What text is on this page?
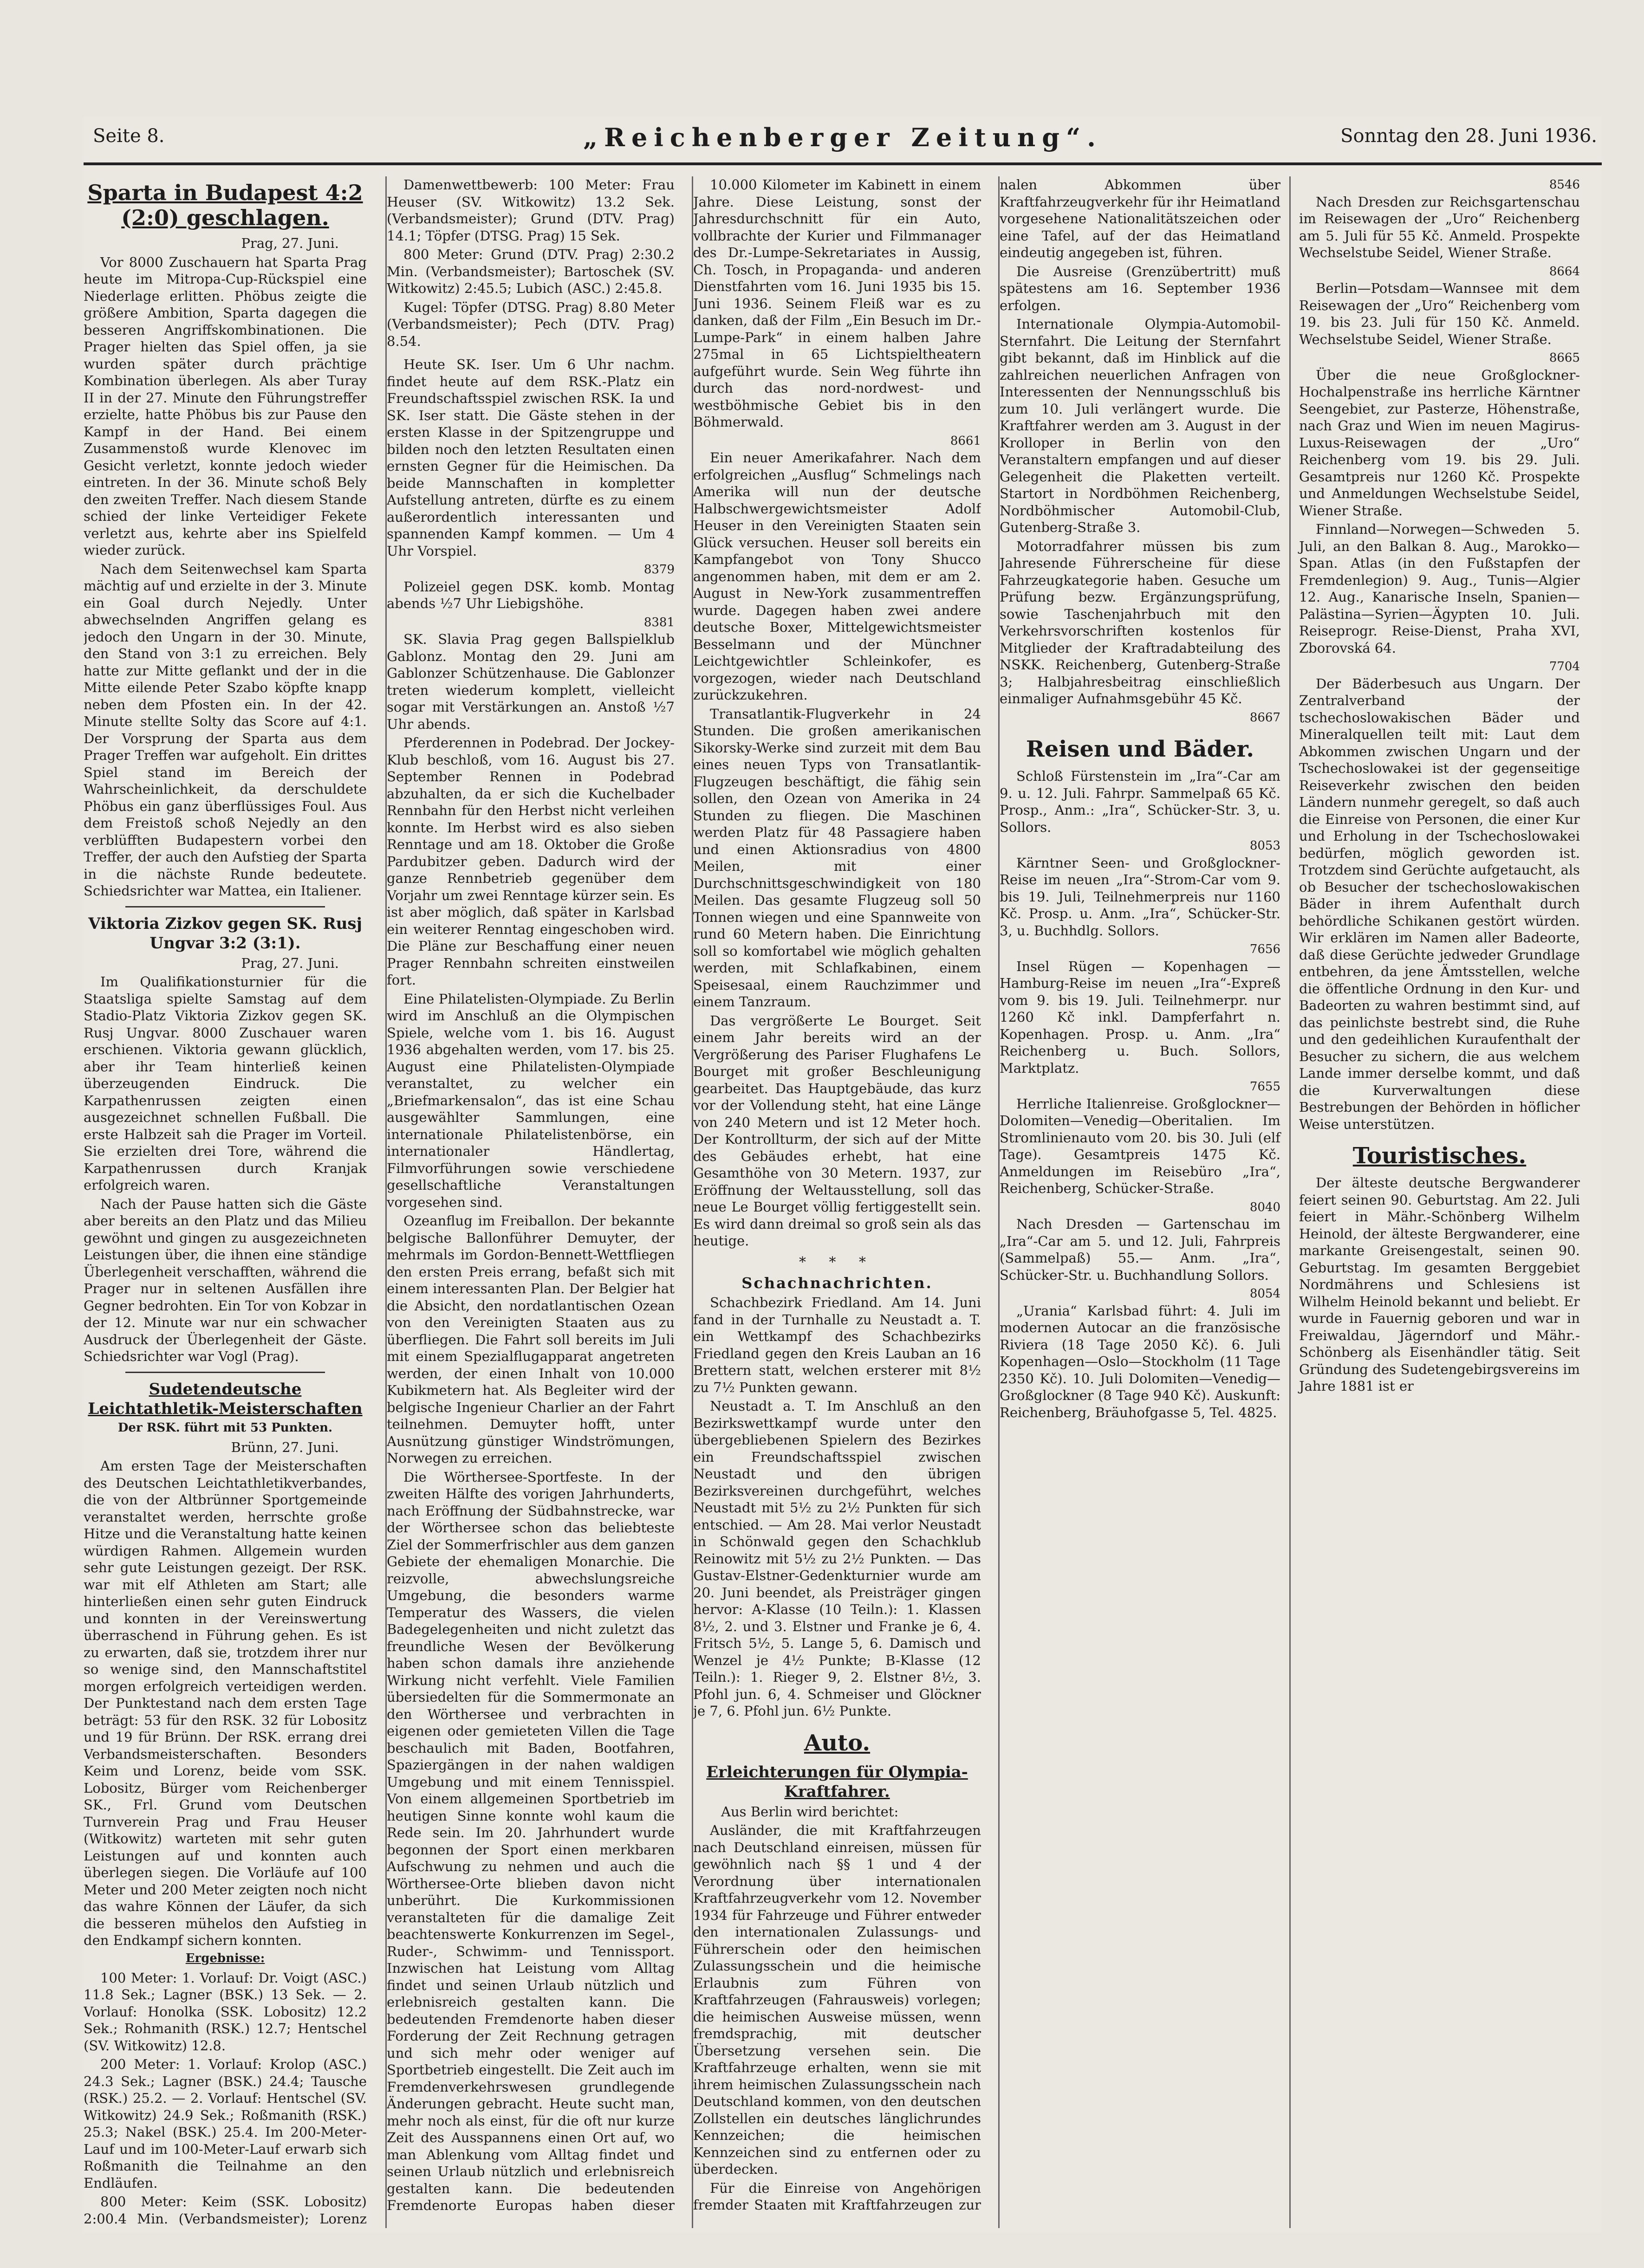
Seite 8.	„Reichenberger Zeitung“.	Sonntag den 28. Juni 1936.
Sparta in Budapest 4:2 (2:0) geschlagen.
Prag, 27. Juni.

Vor 8000 Zuschauern hat Sparta Prag heute im Mitropa-Cup-Rückspiel eine Niederlage erlitten. Phöbus zeigte die größere Ambition, Sparta dagegen die besseren Angriffskombinationen. Die Prager hielten das Spiel offen, ja sie wurden später durch prächtige Kombination überlegen. Als aber Turay II in der 27. Minute den Führungstreffer erzielte, hatte Phöbus bis zur Pause den Kampf in der Hand. Bei einem Zusammenstoß wurde Klenovec im Gesicht verletzt, konnte jedoch wieder eintreten. In der 36. Minute schoß Bely den zweiten Treffer. Nach diesem Stande schied der linke Verteidiger Fekete verletzt aus, kehrte aber ins Spielfeld wieder zurück.

Nach dem Seitenwechsel kam Sparta mächtig auf und erzielte in der 3. Minute ein Goal durch Nejedly. Unter abwechselnden Angriffen gelang es jedoch den Ungarn in der 30. Minute, den Stand von 3:1 zu erreichen. Bely hatte zur Mitte geflankt und der in die Mitte eilende Peter Szabo köpfte knapp neben dem Pfosten ein. In der 42. Minute stellte Solty das Score auf 4:1. Der Vorsprung der Sparta aus dem Prager Treffen war aufgeholt. Ein drittes Spiel stand im Bereich der Wahrscheinlichkeit, da derschuldete Phöbus ein ganz überflüssiges Foul. Aus dem Freistoß schoß Nejedly an den verblüfften Budapestern vorbei den Treffer, der auch den Aufstieg der Sparta in die nächste Runde bedeutete. Schiedsrichter war Mattea, ein Italiener.

Viktoria Zizkov gegen SK. Rusj Ungvar 3:2 (3:1).
Prag, 27. Juni.

Im Qualifikationsturnier für die Staatsliga spielte Samstag auf dem Stadio-Platz Viktoria Zizkov gegen SK. Rusj Ungvar. 8000 Zuschauer waren erschienen. Viktoria gewann glücklich, aber ihr Team hinterließ keinen überzeugenden Eindruck. Die Karpathenrussen zeigten einen ausgezeichnet schnellen Fußball. Die erste Halbzeit sah die Prager im Vorteil. Sie erzielten drei Tore, während die Karpathenrussen durch Kranjak erfolgreich waren.

Nach der Pause hatten sich die Gäste aber bereits an den Platz und das Milieu gewöhnt und gingen zu ausgezeichneten Leistungen über, die ihnen eine ständige Überlegenheit verschafften, während die Prager nur in seltenen Ausfällen ihre Gegner bedrohten. Ein Tor von Kobzar in der 12. Minute war nur ein schwacher Ausdruck der Überlegenheit der Gäste. Schiedsrichter war Vogl (Prag).

Sudetendeutsche Leichtathletik-Meisterschaften
Der RSK. führt mit 53 Punkten.
Brünn, 27. Juni.

Am ersten Tage der Meisterschaften des Deutschen Leichtathletikverbandes, die von der Altbrünner Sportgemeinde veranstaltet werden, herrschte große Hitze und die Veranstaltung hatte keinen würdigen Rahmen. Allgemein wurden sehr gute Leistungen gezeigt. Der RSK. war mit elf Athleten am Start; alle hinterließen einen sehr guten Eindruck und konnten in der Vereinswertung überraschend in Führung gehen. Es ist zu erwarten, daß sie, trotzdem ihrer nur so wenige sind, den Mannschaftstitel morgen erfolgreich verteidigen werden. Der Punktestand nach dem ersten Tage beträgt: 53 für den RSK. 32 für Lobositz und 19 für Brünn. Der RSK. errang drei Verbandsmeisterschaften. Besonders Keim und Lorenz, beide vom SSK. Lobositz, Bürger vom Reichenberger SK., Frl. Grund vom Deutschen Turnverein Prag und Frau Heuser (Witkowitz) warteten mit sehr guten Leistungen auf und konnten auch überlegen siegen. Die Vorläufe auf 100 Meter und 200 Meter zeigten noch nicht das wahre Können der Läufer, da sich die besseren mühelos den Aufstieg in den Endkampf sichern konnten.

Ergebnisse:

100 Meter: 1. Vorlauf: Dr. Voigt (ASC.) 11.8 Sek.; Lagner (BSK.) 13 Sek. — 2. Vorlauf: Honolka (SSK. Lobositz) 12.2 Sek.; Rohmanith (RSK.) 12.7; Hentschel (SV. Witkowitz) 12.8.

200 Meter: 1. Vorlauf: Krolop (ASC.) 24.3 Sek.; Lagner (BSK.) 24.4; Tausche (RSK.) 25.2. — 2. Vorlauf: Hentschel (SV. Witkowitz) 24.9 Sek.; Roßmanith (RSK.) 25.3; Nakel (BSK.) 25.4. Im 200-Meter-Lauf und im 100-Meter-Lauf erwarb sich Roßmanith die Teilnahme an den Endläufen.

800 Meter: Keim (SSK. Lobositz) 2:00.4 Min. (Verbandsmeister); Lorenz

Damenwettbewerb: 100 Meter: Frau Heuser (SV. Witkowitz) 13.2 Sek. (Verbandsmeister); Grund (DTV. Prag) 14.1; Töpfer (DTSG. Prag) 15 Sek.

800 Meter: Grund (DTV. Prag) 2:30.2 Min. (Verbandsmeister); Bartoschek (SV. Witkowitz) 2:45.5; Lubich (ASC.) 2:45.8.

Kugel: Töpfer (DTSG. Prag) 8.80 Meter (Verbandsmeister); Pech (DTV. Prag) 8.54.

Heute SK. Iser. Um 6 Uhr nachm. findet heute auf dem RSK.-Platz ein Freundschaftsspiel zwischen RSK. Ia und SK. Iser statt. Die Gäste stehen in der ersten Klasse in der Spitzengruppe und bilden noch den letzten Resultaten einen ernsten Gegner für die Heimischen. Da beide Mannschaften in kompletter Aufstellung antreten, dürfte es zu einem außerordentlich interessanten und spannenden Kampf kommen. — Um 4 Uhr Vorspiel.

8379

Polizeiel gegen DSK. komb. Montag abends ½7 Uhr Liebigshöhe.

8381

SK. Slavia Prag gegen Ballspielklub Gablonz. Montag den 29. Juni am Gablonzer Schützenhause. Die Gablonzer treten wiederum komplett, vielleicht sogar mit Verstärkungen an. Anstoß ½7 Uhr abends.

Pferderennen in Podebrad. Der Jockey-Klub beschloß, vom 16. August bis 27. September Rennen in Podebrad abzuhalten, da er sich die Kuchelbader Rennbahn für den Herbst nicht verleihen konnte. Im Herbst wird es also sieben Renntage und am 18. Oktober die Große Pardubitzer geben. Dadurch wird der ganze Rennbetrieb gegenüber dem Vorjahr um zwei Renntage kürzer sein. Es ist aber möglich, daß später in Karlsbad ein weiterer Renntag eingeschoben wird. Die Pläne zur Beschaffung einer neuen Prager Rennbahn schreiten einstweilen fort.

Eine Philatelisten-Olympiade. Zu Berlin wird im Anschluß an die Olympischen Spiele, welche vom 1. bis 16. August 1936 abgehalten werden, vom 17. bis 25. August eine Philatelisten-Olympiade veranstaltet, zu welcher ein „Briefmarkensalon“, das ist eine Schau ausgewählter Sammlungen, eine internationale Philatelistenbörse, ein internationaler Händlertag, Filmvorführungen sowie verschiedene gesellschaftliche Veranstaltungen vorgesehen sind.

Ozeanflug im Freiballon. Der bekannte belgische Ballonführer Demuyter, der mehrmals im Gordon-Bennett-Wettfliegen den ersten Preis errang, befaßt sich mit einem interessanten Plan. Der Belgier hat die Absicht, den nordatlantischen Ozean von den Vereinigten Staaten aus zu überfliegen. Die Fahrt soll bereits im Juli mit einem Spezialflugapparat angetreten werden, der einen Inhalt von 10.000 Kubikmetern hat. Als Begleiter wird der belgische Ingenieur Charlier an der Fahrt teilnehmen. Demuyter hofft, unter Ausnützung günstiger Windströmungen, Norwegen zu erreichen.

Die Wörthersee-Sportfeste. In der zweiten Hälfte des vorigen Jahrhunderts, nach Eröffnung der Südbahnstrecke, war der Wörthersee schon das beliebteste Ziel der Sommerfrischler aus dem ganzen Gebiete der ehemaligen Monarchie. Die reizvolle, abwechslungsreiche Umgebung, die besonders warme Temperatur des Wassers, die vielen Badegelegenheiten und nicht zuletzt das freundliche Wesen der Bevölkerung haben schon damals ihre anziehende Wirkung nicht verfehlt. Viele Familien übersiedelten für die Sommermonate an den Wörthersee und verbrachten in eigenen oder gemieteten Villen die Tage beschaulich mit Baden, Bootfahren, Spaziergängen in der nahen waldigen Umgebung und mit einem Tennisspiel. Von einem allgemeinen Sportbetrieb im heutigen Sinne konnte wohl kaum die Rede sein. Im 20. Jahrhundert wurde begonnen der Sport einen merkbaren Aufschwung zu nehmen und auch die Wörthersee-Orte blieben davon nicht unberührt. Die Kurkommissionen veranstalteten für die damalige Zeit beachtenswerte Konkurrenzen im Segel-, Ruder-, Schwimm- und Tennissport. Inzwischen hat Leistung vom Alltag findet und seinen Urlaub nützlich und erlebnisreich gestalten kann. Die bedeutenden Fremdenorte haben dieser Forderung der Zeit Rechnung getragen und sich mehr oder weniger auf Sportbetrieb eingestellt. Die Zeit auch im Fremdenverkehrswesen grundlegende Änderungen gebracht. Heute sucht man, mehr noch als einst, für die oft nur kurze Zeit des Ausspannens einen Ort auf, wo man Ablenkung vom Alltag findet und seinen Urlaub nützlich und erlebnisreich gestalten kann. Die bedeutenden Fremdenorte Europas haben dieser

10.000 Kilometer im Kabinett in einem Jahre. Diese Leistung, sonst der Jahresdurchschnitt für ein Auto, vollbrachte der Kurier und Filmmanager des Dr.-Lumpe-Sekretariates in Aussig, Ch. Tosch, in Propaganda- und anderen Dienstfahrten vom 16. Juni 1935 bis 15. Juni 1936. Seinem Fleiß war es zu danken, daß der Film „Ein Besuch im Dr.-Lumpe-Park“ in einem halben Jahre 275mal in 65 Lichtspieltheatern aufgeführt wurde. Sein Weg führte ihn durch das nord-nordwest- und westböhmische Gebiet bis in den Böhmerwald.

8661

Ein neuer Amerikafahrer. Nach dem erfolgreichen „Ausflug“ Schmelings nach Amerika will nun der deutsche Halbschwergewichtsmeister Adolf Heuser in den Vereinigten Staaten sein Glück versuchen. Heuser soll bereits ein Kampfangebot von Tony Shucco angenommen haben, mit dem er am 2. August in New-York zusammentreffen wurde. Dagegen haben zwei andere deutsche Boxer, Mittelgewichtsmeister Besselmann und der Münchner Leichtgewichtler Schleinkofer, es vorgezogen, wieder nach Deutschland zurückzukehren.

Transatlantik-Flugverkehr in 24 Stunden. Die großen amerikanischen Sikorsky-Werke sind zurzeit mit dem Bau eines neuen Typs von Transatlantik-Flugzeugen beschäftigt, die fähig sein sollen, den Ozean von Amerika in 24 Stunden zu fliegen. Die Maschinen werden Platz für 48 Passagiere haben und einen Aktionsradius von 4800 Meilen, mit einer Durchschnittsgeschwindigkeit von 180 Meilen. Das gesamte Flugzeug soll 50 Tonnen wiegen und eine Spannweite von rund 60 Metern haben. Die Einrichtung soll so komfortabel wie möglich gehalten werden, mit Schlafkabinen, einem Speisesaal, einem Rauchzimmer und einem Tanzraum.

Das vergrößerte Le Bourget. Seit einem Jahr bereits wird an der Vergrößerung des Pariser Flughafens Le Bourget mit großer Beschleunigung gearbeitet. Das Hauptgebäude, das kurz vor der Vollendung steht, hat eine Länge von 240 Metern und ist 12 Meter hoch. Der Kontrollturm, der sich auf der Mitte des Gebäudes erhebt, hat eine Gesamthöhe von 30 Metern. 1937, zur Eröffnung der Weltausstellung, soll das neue Le Bourget völlig fertiggestellt sein. Es wird dann dreimal so groß sein als das heutige.

* * *
Schachnachrichten.

Schachbezirk Friedland. Am 14. Juni fand in der Turnhalle zu Neustadt a. T. ein Wettkampf des Schachbezirks Friedland gegen den Kreis Lauban an 16 Brettern statt, welchen ersterer mit 8½ zu 7½ Punkten gewann.

Neustadt a. T. Im Anschluß an den Bezirkswettkampf wurde unter den übergebliebenen Spielern des Bezirkes ein Freundschaftsspiel zwischen Neustadt und den übrigen Bezirksvereinen durchgeführt, welches Neustadt mit 5½ zu 2½ Punkten für sich entschied. — Am 28. Mai verlor Neustadt in Schönwald gegen den Schachklub Reinowitz mit 5½ zu 2½ Punkten. — Das Gustav-Elstner-Gedenkturnier wurde am 20. Juni beendet, als Preisträger gingen hervor: A-Klasse (10 Teiln.): 1. Klassen 8½, 2. und 3. Elstner und Franke je 6, 4. Fritsch 5½, 5. Lange 5, 6. Damisch und Wenzel je 4½ Punkte; B-Klasse (12 Teiln.): 1. Rieger 9, 2. Elstner 8½, 3. Pfohl jun. 6, 4. Schmeiser und Glöckner je 7, 6. Pfohl jun. 6½ Punkte.

Auto.
Erleichterungen für Olympia-Kraftfahrer.
Aus Berlin wird berichtet:

Ausländer, die mit Kraftfahrzeugen nach Deutschland einreisen, müssen für gewöhnlich nach §§ 1 und 4 der Verordnung über internationalen Kraftfahrzeugverkehr vom 12. November 1934 für Fahrzeuge und Führer entweder den internationalen Zulassungs- und Führerschein oder den heimischen Zulassungsschein und die heimische Erlaubnis zum Führen von Kraftfahrzeugen (Fahrausweis) vorlegen; die heimischen Ausweise müssen, wenn fremdsprachig, mit deutscher Übersetzung versehen sein. Die Kraftfahrzeuge erhalten, wenn sie mit ihrem heimischen Zulassungsschein nach Deutschland kommen, von den deutschen Zollstellen ein deutsches länglichrundes Kennzeichen; die heimischen Kennzeichen sind zu entfernen oder zu überdecken.

Für die Einreise von Angehörigen fremder Staaten mit Kraftfahrzeugen zur

nalen Abkommen über Kraftfahrzeugverkehr für ihr Heimatland vorgesehene Nationalitätszeichen oder eine Tafel, auf der das Heimatland eindeutig angegeben ist, führen.

Die Ausreise (Grenzübertritt) muß spätestens am 16. September 1936 erfolgen.

Internationale Olympia-Automobil-Sternfahrt. Die Leitung der Sternfahrt gibt bekannt, daß im Hinblick auf die zahlreichen neuerlichen Anfragen von Interessenten der Nennungsschluß bis zum 10. Juli verlängert wurde. Die Kraftfahrer werden am 3. August in der Krolloper in Berlin von den Veranstaltern empfangen und auf dieser Gelegenheit die Plaketten verteilt. Startort in Nordböhmen Reichenberg, Nordböhmischer Automobil-Club, Gutenberg-Straße 3.

Motorradfahrer müssen bis zum Jahresende Führerscheine für diese Fahrzeugkategorie haben. Gesuche um Prüfung bezw. Ergänzungsprüfung, sowie Taschenjahrbuch mit den Verkehrsvorschriften kostenlos für Mitglieder der Kraftradabteilung des NSKK. Reichenberg, Gutenberg-Straße 3; Halbjahresbeitrag einschließlich einmaliger Aufnahmsgebühr 45 Kč.

8667
Reisen und Bäder.

Schloß Fürstenstein im „Ira“-Car am 9. u. 12. Juli. Fahrpr. Sammelpaß 65 Kč. Prosp., Anm.: „Ira“, Schücker-Str. 3, u. Sollors.

8053

Kärntner Seen- und Großglockner-Reise im neuen „Ira“-Strom-Car vom 9. bis 19. Juli, Teilnehmerpreis nur 1160 Kč. Prosp. u. Anm. „Ira“, Schücker-Str. 3, u. Buchhdlg. Sollors.

7656

Insel Rügen — Kopenhagen — Hamburg-Reise im neuen „Ira“-Expreß vom 9. bis 19. Juli. Teilnehmerpr. nur 1260 Kč inkl. Dampferfahrt n. Kopenhagen. Prosp. u. Anm. „Ira“ Reichenberg u. Buch. Sollors, Marktplatz.

7655

Herrliche Italienreise. Großglockner—Dolomiten—Venedig—Oberitalien. Im Stromlinienauto vom 20. bis 30. Juli (elf Tage). Gesamtpreis 1475 Kč. Anmeldungen im Reisebüro „Ira“, Reichenberg, Schücker-Straße.

8040

Nach Dresden — Gartenschau im „Ira“-Car am 5. und 12. Juli, Fahrpreis (Sammelpaß) 55.— Anm. „Ira“, Schücker-Str. u. Buchhandlung Sollors.

8054

„Urania“ Karlsbad führt: 4. Juli im modernen Autocar an die französische Riviera (18 Tage 2050 Kč). 6. Juli Kopenhagen—Oslo—Stockholm (11 Tage 2350 Kč). 10. Juli Dolomiten—Venedig—Großglockner (8 Tage 940 Kč). Auskunft: Reichenberg, Bräuhofgasse 5, Tel. 4825.

8546

Nach Dresden zur Reichsgartenschau im Reisewagen der „Uro“ Reichenberg am 5. Juli für 55 Kč. Anmeld. Prospekte Wechselstube Seidel, Wiener Straße.

8664

Berlin—Potsdam—Wannsee mit dem Reisewagen der „Uro“ Reichenberg vom 19. bis 23. Juli für 150 Kč. Anmeld. Wechselstube Seidel, Wiener Straße.

8665

Über die neue Großglockner-Hochalpenstraße ins herrliche Kärntner Seengebiet, zur Pasterze, Höhenstraße, nach Graz und Wien im neuen Magirus-Luxus-Reisewagen der „Uro“ Reichenberg vom 19. bis 29. Juli. Gesamtpreis nur 1260 Kč. Prospekte und Anmeldungen Wechselstube Seidel, Wiener Straße.

Finnland—Norwegen—Schweden 5. Juli, an den Balkan 8. Aug., Marokko—Span. Atlas (in den Fußstapfen der Fremdenlegion) 9. Aug., Tunis—Algier 12. Aug., Kanarische Inseln, Spanien—Palästina—Syrien—Ägypten 10. Juli. Reiseprogr. Reise-Dienst, Praha XVI, Zborovská 64.

7704

Der Bäderbesuch aus Ungarn. Der Zentralverband der tschechoslowakischen Bäder und Mineralquellen teilt mit: Laut dem Abkommen zwischen Ungarn und der Tschechoslowakei ist der gegenseitige Reiseverkehr zwischen den beiden Ländern nunmehr geregelt, so daß auch die Einreise von Personen, die einer Kur und Erholung in der Tschechoslowakei bedürfen, möglich geworden ist. Trotzdem sind Gerüchte aufgetaucht, als ob Besucher der tschechoslowakischen Bäder in ihrem Aufenthalt durch behördliche Schikanen gestört würden. Wir erklären im Namen aller Badeorte, daß diese Gerüchte jedweder Grundlage entbehren, da jene Ämtsstellen, welche die öffentliche Ordnung in den Kur- und Badeorten zu wahren bestimmt sind, auf das peinlichste bestrebt sind, die Ruhe und den gedeihlichen Kuraufenthalt der Besucher zu sichern, die aus welchem Lande immer derselbe kommt, und daß die Kurverwaltungen diese Bestrebungen der Behörden in höflicher Weise unterstützen.

Touristisches.

Der älteste deutsche Bergwanderer feiert seinen 90. Geburtstag. Am 22. Juli feiert in Mähr.-Schönberg Wilhelm Heinold, der älteste Bergwanderer, eine markante Greisengestalt, seinen 90. Geburtstag. Im gesamten Berggebiet Nordmährens und Schlesiens ist Wilhelm Heinold bekannt und beliebt. Er wurde in Fauernig geboren und war in Freiwaldau, Jägerndorf und Mähr.-Schönberg als Eisenhändler tätig. Seit Gründung des Sudetengebirgsvereins im Jahre 1881 ist er
